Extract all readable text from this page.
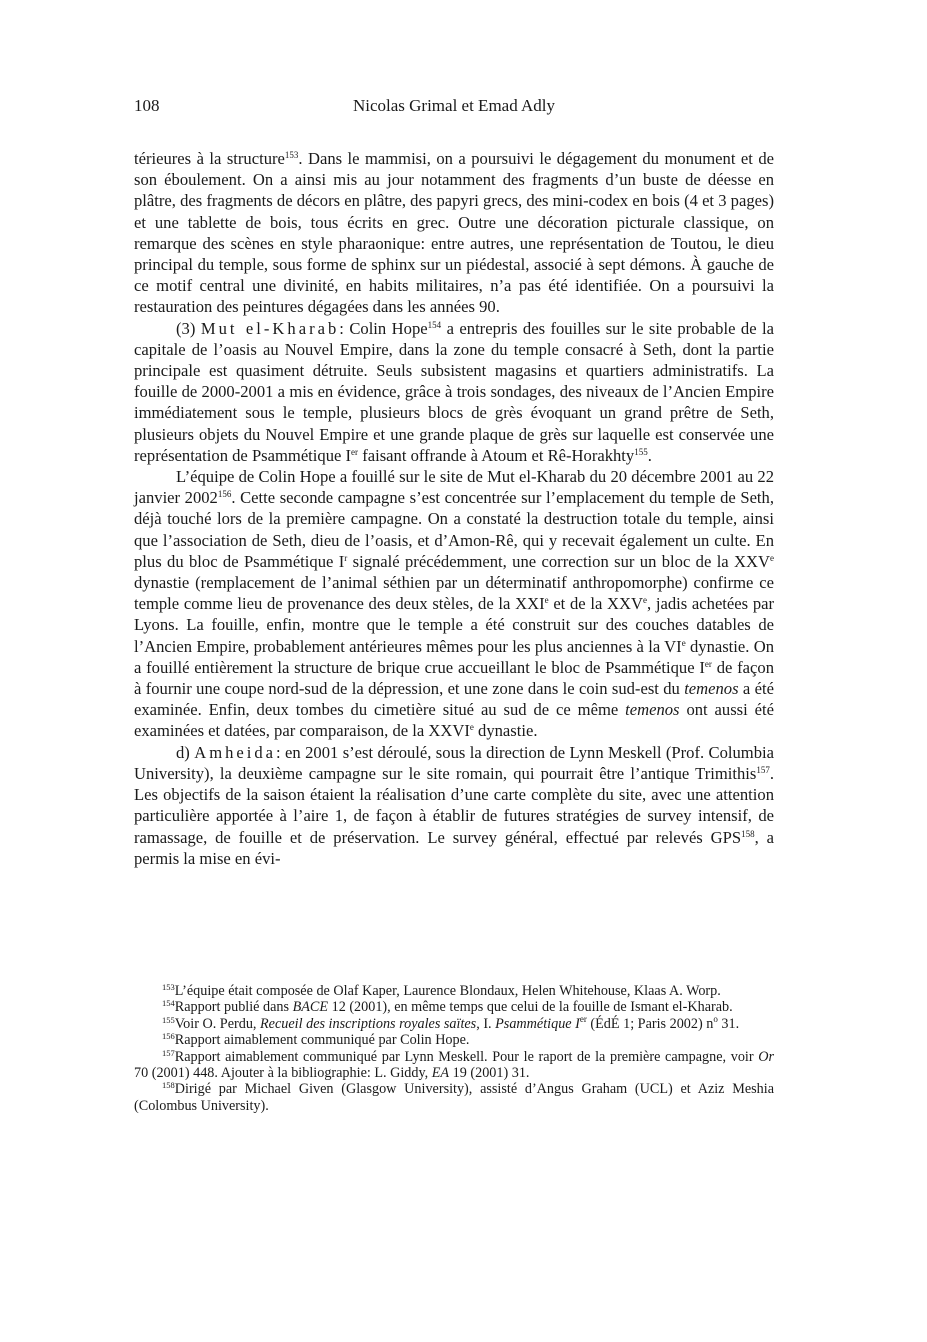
108	Nicolas Grimal et Emad Adly

térieures à la structure$^{153}$. Dans le mammisi, on a poursuivi le dégagement du monument et de son éboulement. On a ainsi mis au jour notamment des fragments d’un buste de déesse en plâtre, des fragments de décors en plâtre, des papyri grecs, des mini-codex en bois (4 et 3 pages) et une tablette de bois, tous écrits en grec. Outre une décoration picturale classique, on remarque des scènes en style pharaonique: entre autres, une représentation de Toutou, le dieu principal du temple, sous forme de sphinx sur un piédestal, associé à sept démons. À gauche de ce motif central une divinité, en habits militaires, n’a pas été identifiée. On a poursuivi la restauration des peintures dégagées dans les années 90.

(3) Mut el-Kharab: Colin Hope$^{154}$ a entrepris des fouilles sur le site probable de la capitale de l’oasis au Nouvel Empire, dans la zone du temple consacré à Seth, dont la partie principale est quasiment détruite. Seuls subsistent magasins et quartiers administratifs. La fouille de 2000-2001 a mis en évidence, grâce à trois sondages, des niveaux de l’Ancien Empire immédiatement sous le temple, plusieurs blocs de grès évoquant un grand prêtre de Seth, plusieurs objets du Nouvel Empire et une grande plaque de grès sur laquelle est conservée une représentation de Psammétique Ier faisant offrande à Atoum et Rê-Horakhty$^{155}$.

L’équipe de Colin Hope a fouillé sur le site de Mut el-Kharab du 20 décembre 2001 au 22 janvier 2002$^{156}$. Cette seconde campagne s’est concentrée sur l’emplacement du temple de Seth, déjà touché lors de la première campagne. On a constaté la destruction totale du temple, ainsi que l’association de Seth, dieu de l’oasis, et d’Amon-Rê, qui y recevait également un culte. En plus du bloc de Psammétique $I^r$ signalé précédemment, une correction sur un bloc de la XXVe dynastie (remplacement de l’animal séthien par un déterminatif anthropomorphe) confirme ce temple comme lieu de provenance des deux stèles, de la XXIe et de la XXVe, jadis achetées par Lyons. La fouille, enfin, montre que le temple a été construit sur des couches datables de l’Ancien Empire, probablement antérieures mêmes pour les plus anciennes à la VIe dynastie. On a fouillé entièrement la structure de brique crue accueillant le bloc de Psammétique Ier de façon à fournir une coupe nord-sud de la dépression, et une zone dans le coin sud-est du temenos a été examinée. Enfin, deux tombes du cimetière situé au sud de ce même temenos ont aussi été examinées et datées, par comparaison, de la XXVIe dynastie.

d) Amheida: en 2001 s’est déroulé, sous la direction de Lynn Meskell (Prof. Columbia University), la deuxième campagne sur le site romain, qui pourrait être l’antique Trimithis$^{157}$. Les objectifs de la saison étaient la réalisation d’une carte complète du site, avec une attention particulière apportée à l’aire 1, de façon à établir de futures stratégies de survey intensif, de ramassage, de fouille et de préservation. Le survey général, effectué par relevés GPS$^{158}$, a permis la mise en évi-

$^{153}$L’équipe était composée de Olaf Kaper, Laurence Blondaux, Helen Whitehouse, Klaas A. Worp.

$^{154}$Rapport publié dans BACE 12 (2001), en même temps que celui de la fouille de Ismant el-Kharab.

$^{155}$Voir O. Perdu, Recueil des inscriptions royales saïtes, I. Psammétique Ier (ÉdÉ 1; Paris 2002) $n^o$ 31.

$^{156}$Rapport aimablement communiqué par Colin Hope.

$^{157}$Rapport aimablement communiqué par Lynn Meskell. Pour le raport de la première campagne, voir Or 70 (2001) 448. Ajouter à la bibliographie: L. Giddy, EA 19 (2001) 31.

$^{158}$Dirigé par Michael Given (Glasgow University), assisté d’Angus Graham (UCL) et Aziz Meshia (Colombus University).
